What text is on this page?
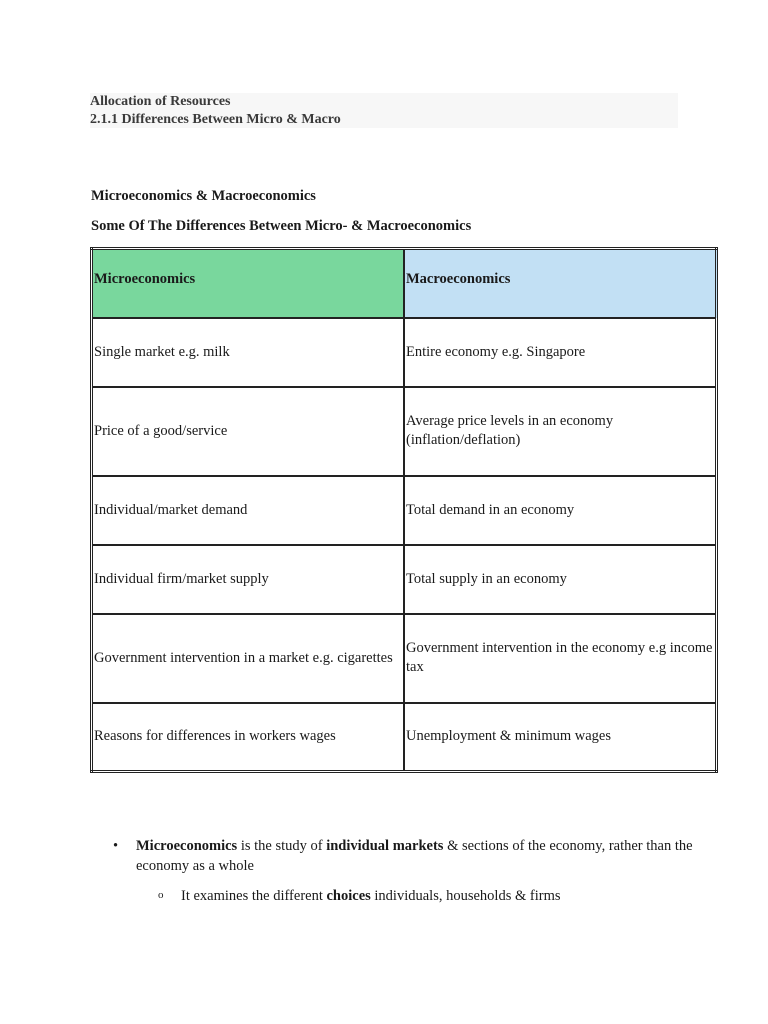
Allocation of Resources
2.1.1 Differences Between Micro & Macro
Microeconomics & Macroeconomics
Some Of The Differences Between Micro- & Macroeconomics
Microeconomics	Macroeconomics
Single market e.g. milk	Entire economy e.g. Singapore
Price of a good/service	Average price levels in an economy (inflation/deflation)
Individual/market demand	Total demand in an economy
Individual firm/market supply	Total supply in an economy
Government intervention in a market e.g. cigarettes	Government intervention in the economy e.g income tax
Reasons for differences in workers wages	Unemployment & minimum wages
• Microeconomics is the study of individual markets & sections of the economy, rather than the economy as a whole
o It examines the different choices individuals, households & firms
